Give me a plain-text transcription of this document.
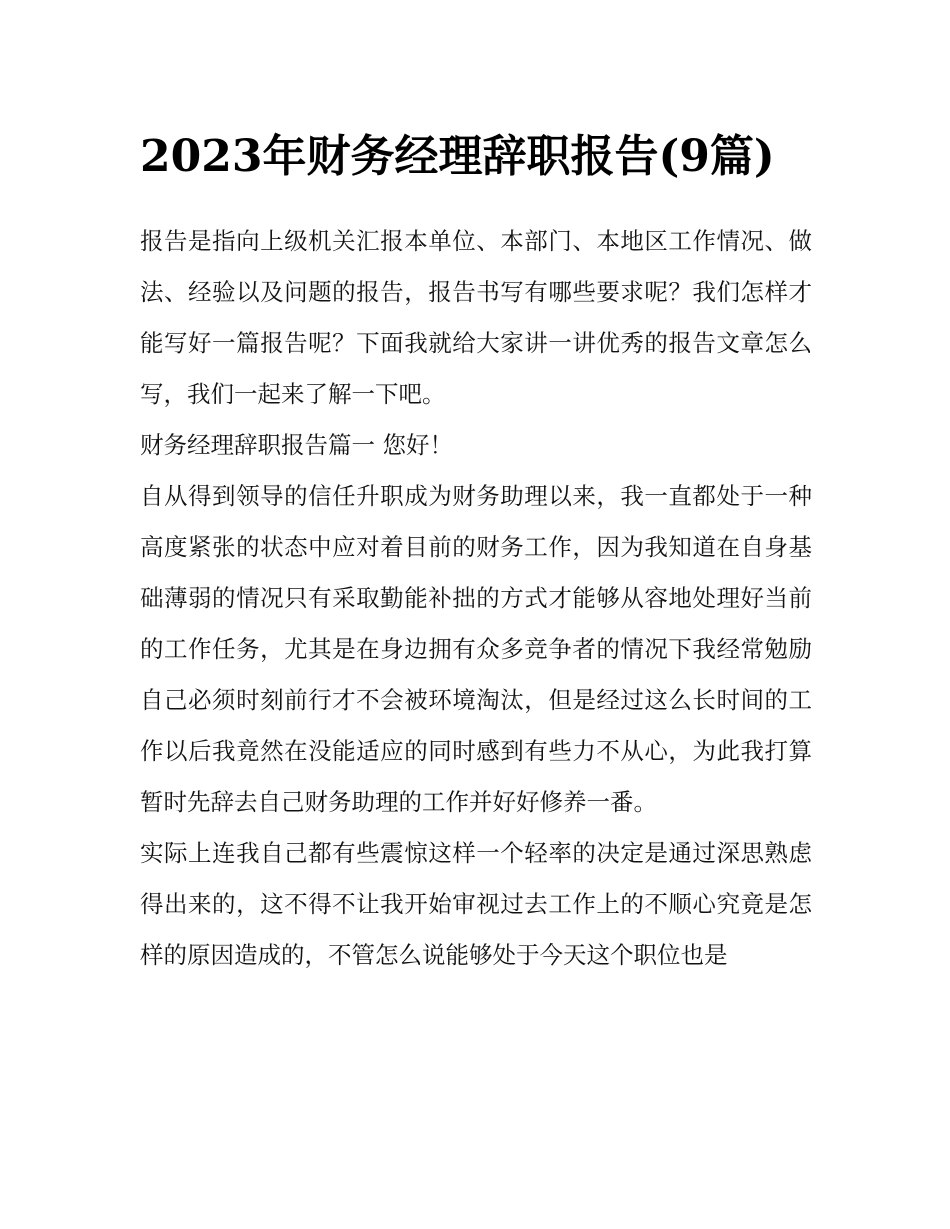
2023年财务经理辞职报告(9篇)

报告是指向上级机关汇报本单位、本部门、本地区工作情况、做法、经验以及问题的报告，报告书写有哪些要求呢？我们怎样才能写好一篇报告呢？下面我就给大家讲一讲优秀的报告文章怎么写，我们一起来了解一下吧。

财务经理辞职报告篇一 您好！

自从得到领导的信任升职成为财务助理以来，我一直都处于一种高度紧张的状态中应对着目前的财务工作，因为我知道在自身基础薄弱的情况只有采取勤能补拙的方式才能够从容地处理好当前的工作任务，尤其是在身边拥有众多竞争者的情况下我经常勉励自己必须时刻前行才不会被环境淘汰，但是经过这么长时间的工作以后我竟然在没能适应的同时感到有些力不从心，为此我打算暂时先辞去自己财务助理的工作并好好修养一番。

实际上连我自己都有些震惊这样一个轻率的决定是通过深思熟虑得出来的，这不得不让我开始审视过去工作上的不顺心究竟是怎样的原因造成的，不管怎么说能够处于今天这个职位也是
